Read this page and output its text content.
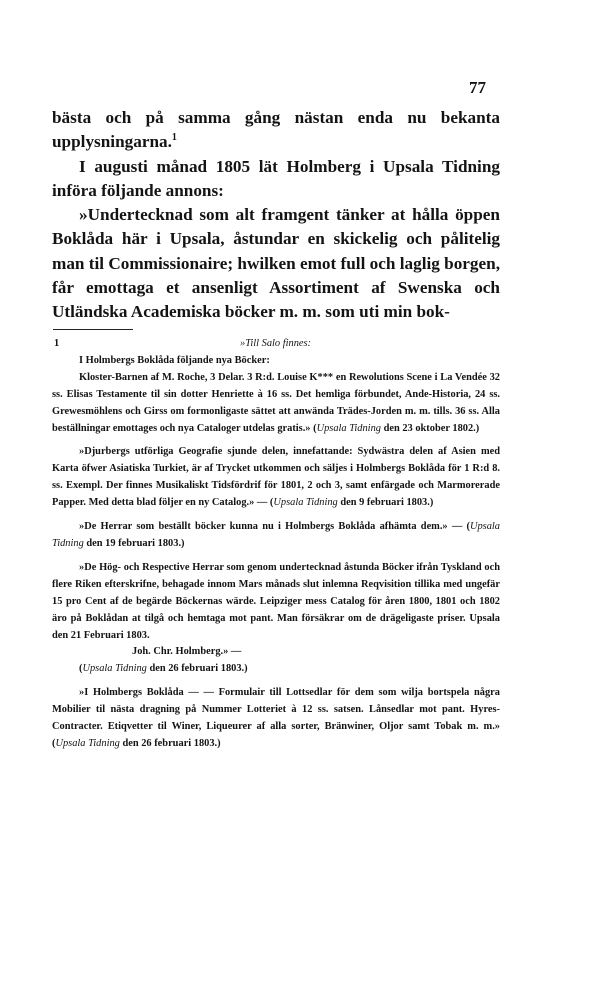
77

bästa och på samma gång nästan enda nu bekanta upplysningarna.$^1$

I augusti månad 1805 lät Holmberg i Upsala Tidning införa följande annons:

»Undertecknad som alt framgent tänker at hålla öppen Boklåda här i Upsala, åstundar en skickelig och pålitelig man til Commissionaire; hwilken emot full och laglig borgen, får emottaga et ansenligt Assortiment af Swenska och Utländska Academiska böcker m. m. som uti min bok-

1	»Till Salo finnes:

I Holmbergs Boklåda följande nya Böcker:

Kloster-Barnen af M. Roche, 3 Delar. 3 R:d. Louise K*** en Rewolutions Scene i La Vendée 32 ss. Elisas Testamente til sin dotter Henriette à 16 ss. Det hemliga förbundet, Ande-Historia, 24 ss. Grewesmöhlens och Girss om formonligaste sättet att anwända Trädes-Jorden m. m. tills. 36 ss. Alla beställningar emottages och nya Cataloger utdelas gratis.» (Upsala Tidning den 23 oktober 1802.)

»Djurbergs utförliga Geografie sjunde delen, innefattande: Sydwästra delen af Asien med Karta öfwer Asiatiska Turkiet, är af Trycket utkommen och säljes i Holmbergs Boklåda för 1 R:d 8. ss. Exempl. Der finnes Musikaliskt Tidsfördrif för 1801, 2 och 3, samt enfärgade och Marmorerade Papper. Med detta blad följer en ny Catalog.» — (Upsala Tidning den 9 februari 1803.)

»De Herrar som beställt böcker kunna nu i Holmbergs Boklåda afhämta dem.» — (Upsala Tidning den 19 februari 1803.)

»De Hög- och Respective Herrar som genom undertecknad åstunda Böcker ifrån Tyskland och flere Riken efterskrifne, behagade innom Mars månads slut inlemna Reqvisition tillika med ungefär 15 pro Cent af de begärde Böckernas wärde. Leipziger mess Catalog för åren 1800, 1801 och 1802 äro på Boklådan at tilgå och hemtaga mot pant. Man försäkrar om de drägeligaste priser. Upsala den 21 Februari 1803.

Joh. Chr. Holmberg.» —

(Upsala Tidning den 26 februari 1803.)

»I Holmbergs Boklåda — — Formulair till Lottsedlar för dem som wilja bortspela några Mobilier til nästa dragning på Nummer Lotteriet à 12 ss. satsen. Lånsedlar mot pant. Hyres-Contracter. Etiqvetter til Winer, Liqueurer af alla sorter, Bränwiner, Oljor samt Tobak m. m.» (Upsala Tidning den 26 februari 1803.)
